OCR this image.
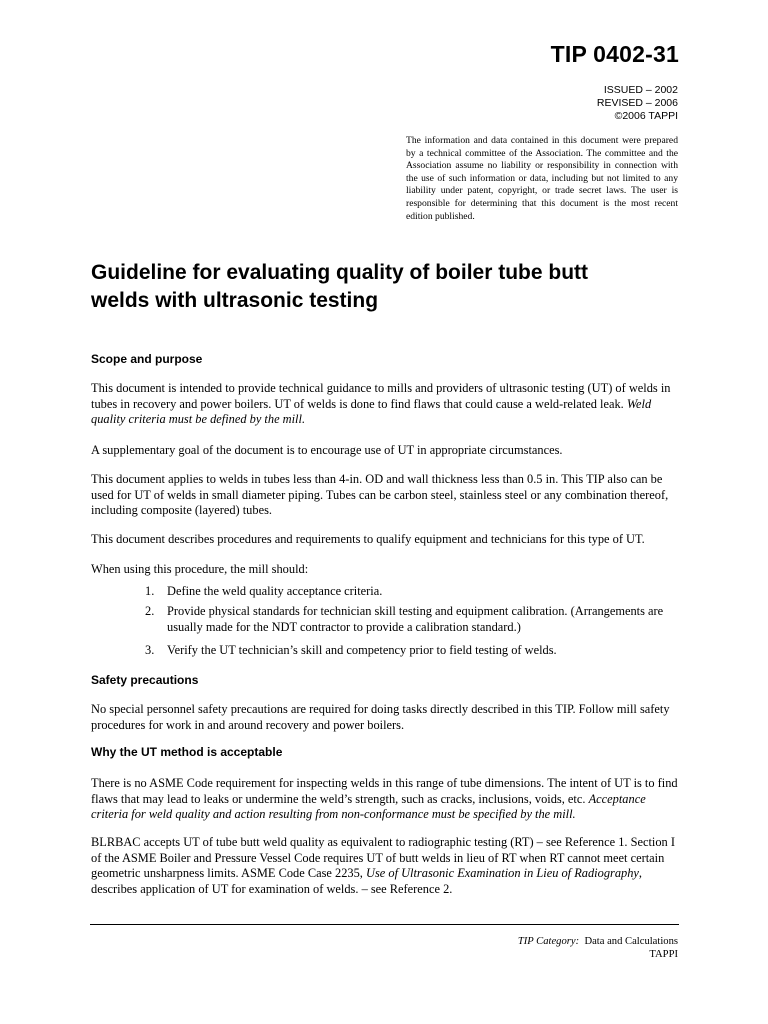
TIP 0402-31
ISSUED – 2002
REVISED – 2006
©2006 TAPPI
The information and data contained in this document were prepared by a technical committee of the Association. The committee and the Association assume no liability or responsibility in connection with the use of such information or data, including but not limited to any liability under patent, copyright, or trade secret laws. The user is responsible for determining that this document is the most recent edition published.
Guideline for evaluating quality of boiler tube butt
welds with ultrasonic testing
Scope and purpose

This document is intended to provide technical guidance to mills and providers of ultrasonic testing (UT) of welds in tubes in recovery and power boilers. UT of welds is done to find flaws that could cause a weld-related leak. Weld quality criteria must be defined by the mill.

A supplementary goal of the document is to encourage use of UT in appropriate circumstances.

This document applies to welds in tubes less than 4-in. OD and wall thickness less than 0.5 in. This TIP also can be used for UT of welds in small diameter piping. Tubes can be carbon steel, stainless steel or any combination thereof, including composite (layered) tubes.

This document describes procedures and requirements to qualify equipment and technicians for this type of UT.

When using this procedure, the mill should:

1.	Define the weld quality acceptance criteria.
2.	Provide physical standards for technician skill testing and equipment calibration. (Arrangements are usually made for the NDT contractor to provide a calibration standard.)
3.	Verify the UT technician’s skill and competency prior to field testing of welds.
Safety precautions

No special personnel safety precautions are required for doing tasks directly described in this TIP. Follow mill safety procedures for work in and around recovery and power boilers.

Why the UT method is acceptable

There is no ASME Code requirement for inspecting welds in this range of tube dimensions. The intent of UT is to find flaws that may lead to leaks or undermine the weld’s strength, such as cracks, inclusions, voids, etc. Acceptance criteria for weld quality and action resulting from non-conformance must be specified by the mill.

BLRBAC accepts UT of tube butt weld quality as equivalent to radiographic testing (RT) – see Reference 1. Section I of the ASME Boiler and Pressure Vessel Code requires UT of butt welds in lieu of RT when RT cannot meet certain geometric unsharpness limits. ASME Code Case 2235, Use of Ultrasonic Examination in Lieu of Radiography, describes application of UT for examination of welds. – see Reference 2.

TIP Category: Data and Calculations
TAPPI
